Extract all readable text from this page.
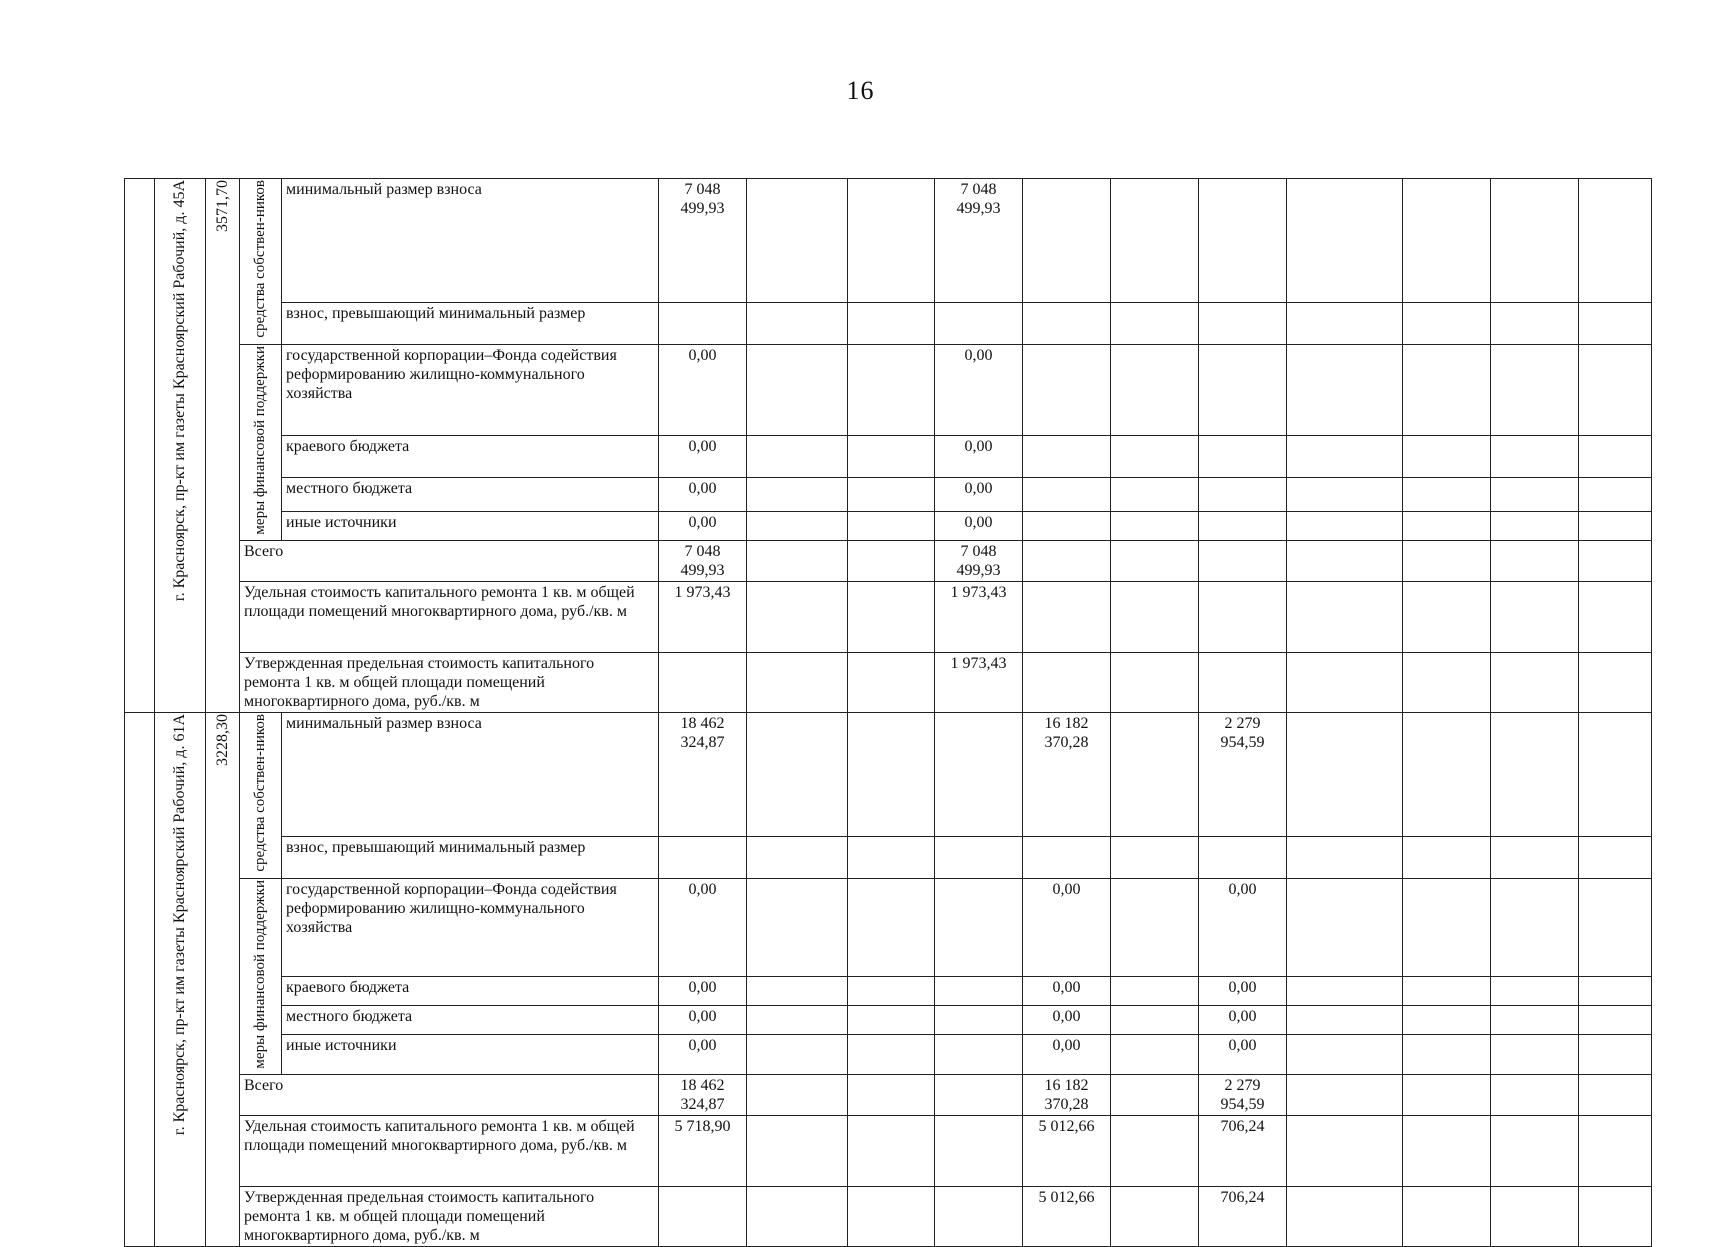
16
	г. Красноярск, пр-кт им газеты Красноярский Рабочий, д. 45А	3571,70	средства собствен-ников	минимальный размер взноса	7 048 499,93			7 048 499,93							
				взнос, превышающий минимальный размер											
			меры финансовой поддержки	государственной корпорации–Фонда содействия реформированию жилищно-коммунального хозяйства	0,00			0,00							
				краевого бюджета	0,00			0,00							
				местного бюджета	0,00			0,00							
				иные источники	0,00			0,00							
			Всего		7 048 499,93			7 048 499,93							
			Удельная стоимость капитального ремонта 1 кв. м общей площади помещений многоквартирного дома, руб./кв. м		1 973,43			1 973,43							
			Утвержденная предельная стоимость капитального ремонта 1 кв. м общей площади помещений многоквартирного дома, руб./кв. м					1 973,43							
	г. Красноярск, пр-кт им газеты Красноярский Рабочий, д. 61А	3228,30	средства собствен-ников	минимальный размер взноса	18 462 324,87				16 182 370,28		2 279 954,59				
				взнос, превышающий минимальный размер											
			меры финансовой поддержки	государственной корпорации–Фонда содействия реформированию жилищно-коммунального хозяйства	0,00				0,00		0,00				
				краевого бюджета	0,00				0,00		0,00				
				местного бюджета	0,00				0,00		0,00				
				иные источники	0,00				0,00		0,00				
			Всего		18 462 324,87				16 182 370,28		2 279 954,59				
			Удельная стоимость капитального ремонта 1 кв. м общей площади помещений многоквартирного дома, руб./кв. м		5 718,90				5 012,66		706,24				
			Утвержденная предельная стоимость капитального ремонта 1 кв. м общей площади помещений многоквартирного дома, руб./кв. м						5 012,66		706,24				
